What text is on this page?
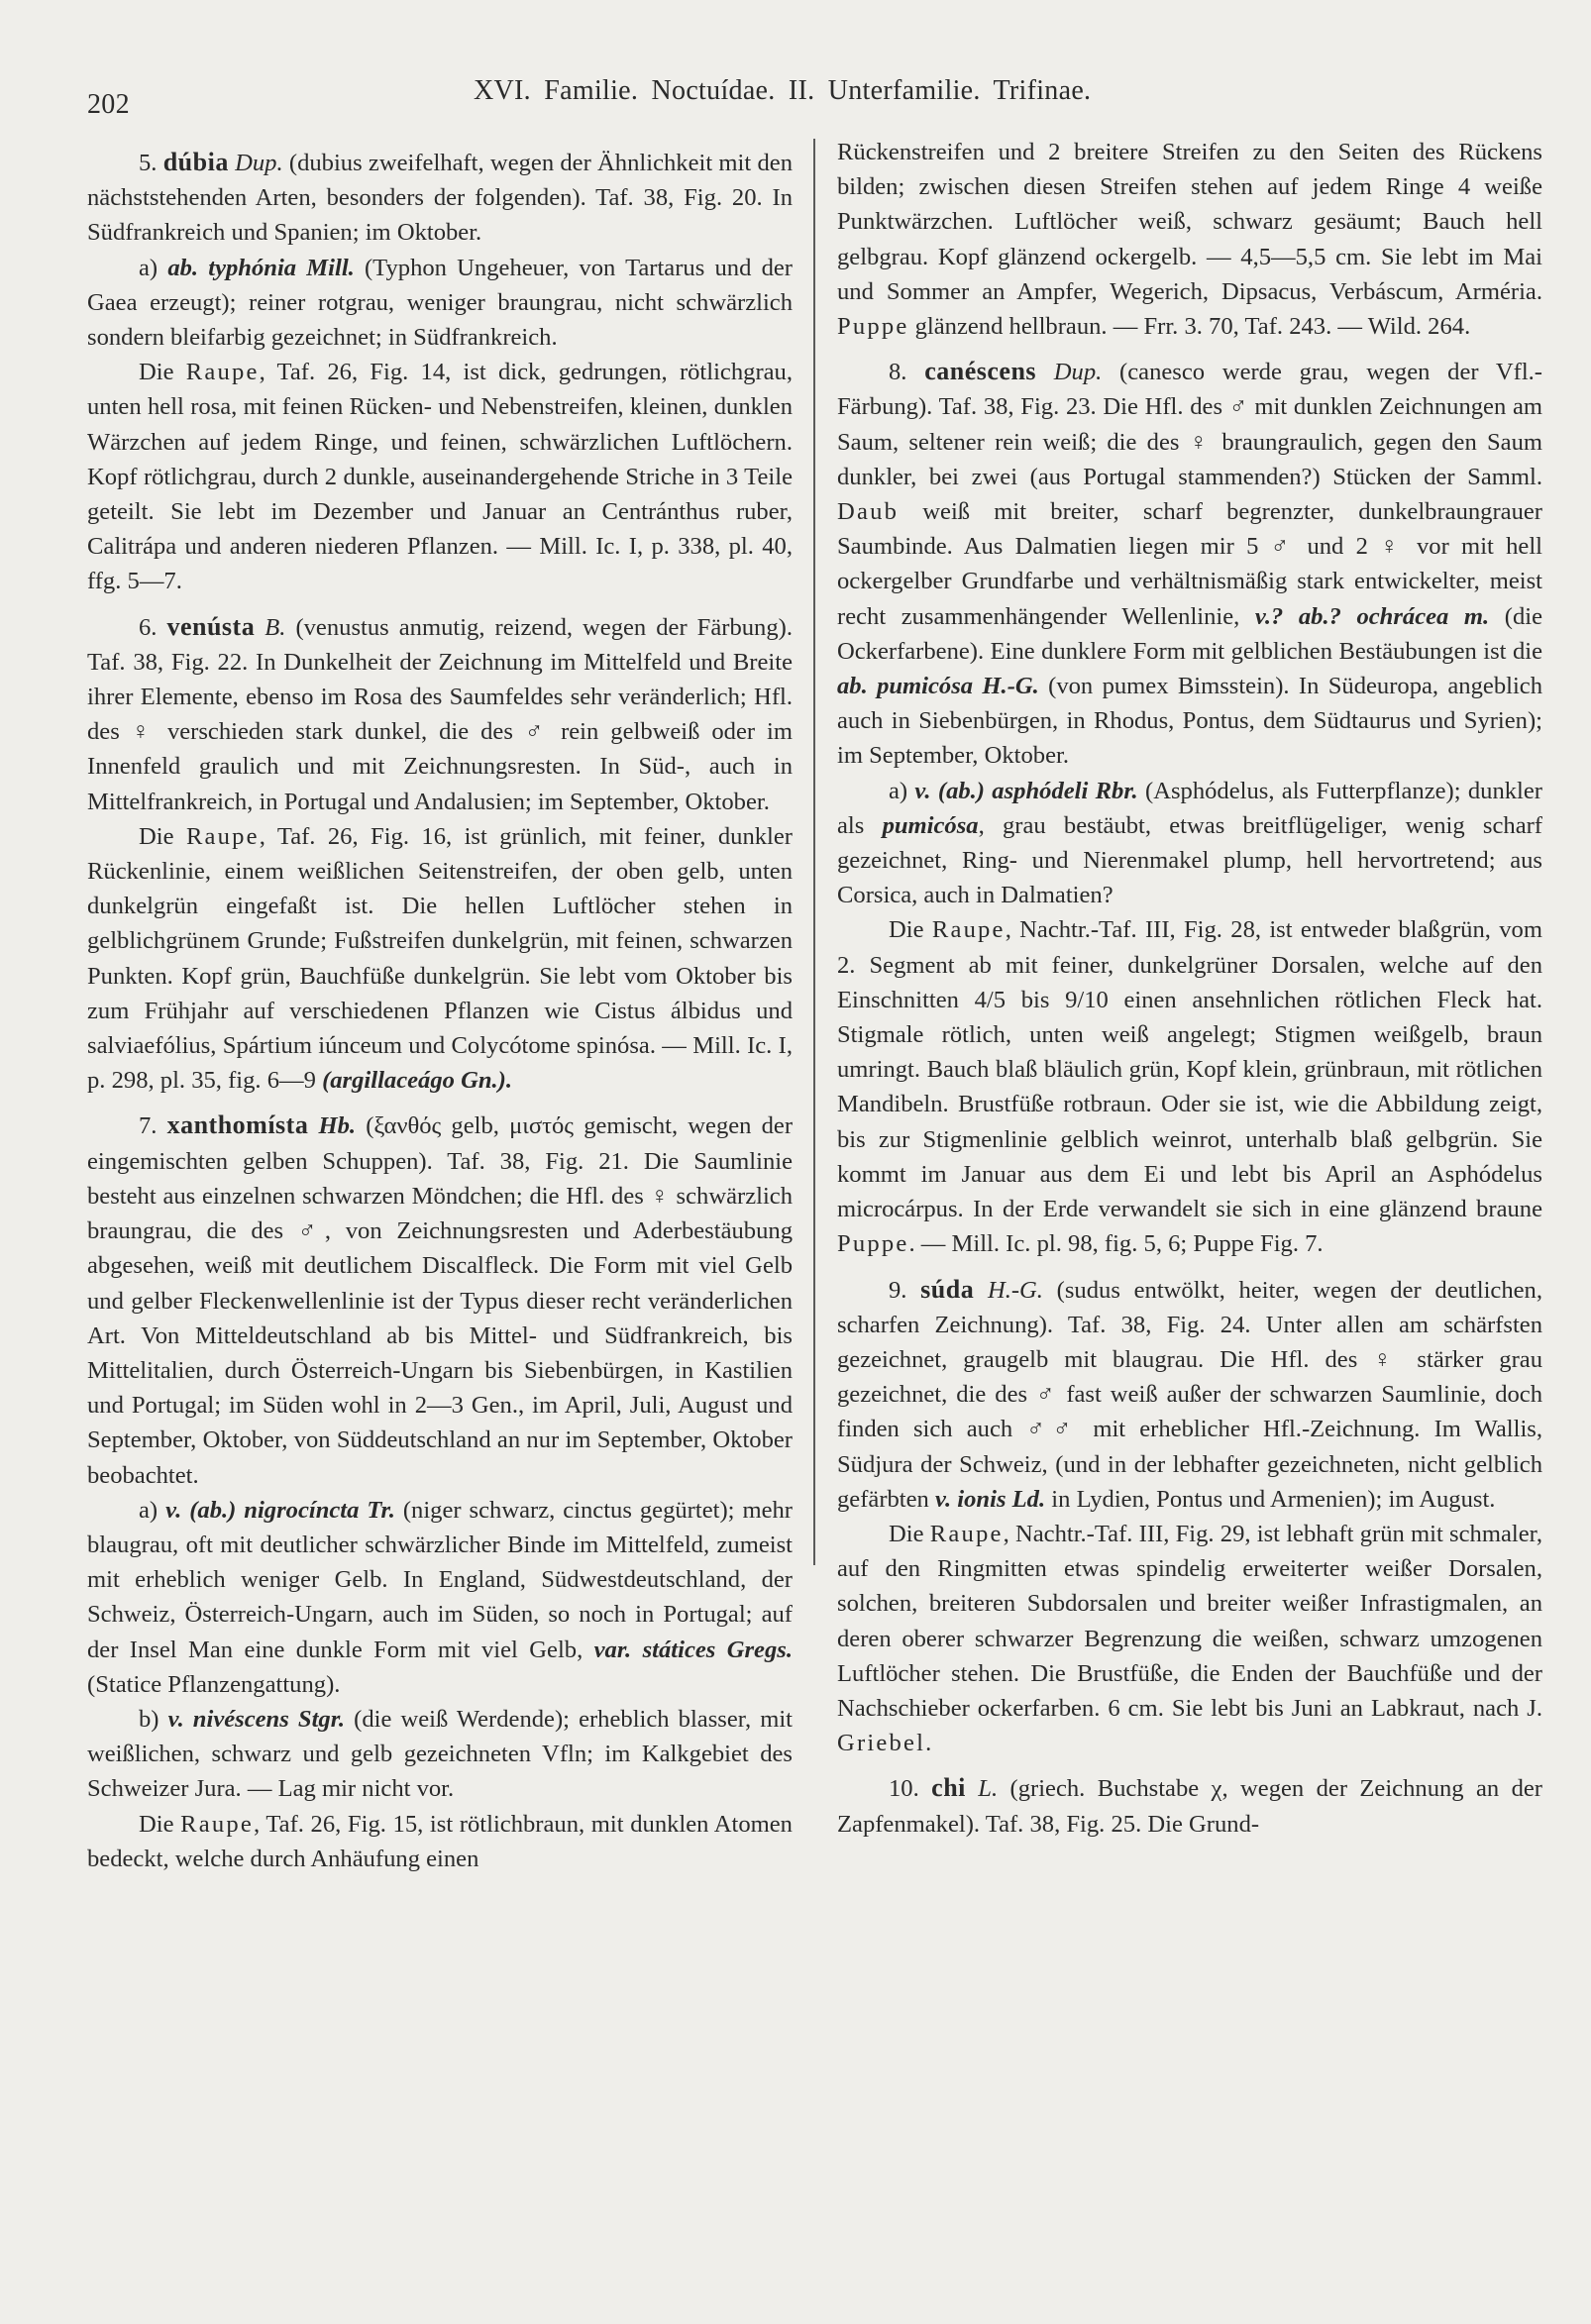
202	XVI. Familie. Noctuídae. II. Unterfamilie. Trifinae.

5. dúbia Dup. (dubius zweifelhaft, wegen der Ähnlichkeit mit den nächststehenden Arten, besonders der folgenden). Taf. 38, Fig. 20. In Südfrankreich und Spanien; im Oktober.

a) ab. typhónia Mill. (Typhon Ungeheuer, von Tartarus und der Gaea erzeugt); reiner rotgrau, weniger braungrau, nicht schwärzlich sondern bleifarbig gezeichnet; in Südfrankreich.

Die Raupe, Taf. 26, Fig. 14, ist dick, gedrungen, rötlichgrau, unten hell rosa, mit feinen Rücken- und Nebenstreifen, kleinen, dunklen Wärzchen auf jedem Ringe, und feinen, schwärzlichen Luftlöchern. Kopf rötlichgrau, durch 2 dunkle, auseinandergehende Striche in 3 Teile geteilt. Sie lebt im Dezember und Januar an Centránthus ruber, Calitrápa und anderen niederen Pflanzen. — Mill. Ic. I, p. 338, pl. 40, ffg. 5—7.

6. venústa B. (venustus anmutig, reizend, wegen der Färbung). Taf. 38, Fig. 22. In Dunkelheit der Zeichnung im Mittelfeld und Breite ihrer Elemente, ebenso im Rosa des Saumfeldes sehr veränderlich; Hfl. des ♀ verschieden stark dunkel, die des ♂ rein gelbweiß oder im Innenfeld graulich und mit Zeichnungsresten. In Süd-, auch in Mittelfrankreich, in Portugal und Andalusien; im September, Oktober.

Die Raupe, Taf. 26, Fig. 16, ist grünlich, mit feiner, dunkler Rückenlinie, einem weißlichen Seitenstreifen, der oben gelb, unten dunkelgrün eingefaßt ist. Die hellen Luftlöcher stehen in gelblichgrünem Grunde; Fußstreifen dunkelgrün, mit feinen, schwarzen Punkten. Kopf grün, Bauchfüße dunkelgrün. Sie lebt vom Oktober bis zum Frühjahr auf verschiedenen Pflanzen wie Cistus álbidus und salviaefólius, Spártium iúnceum und Colycótome spinósa. — Mill. Ic. I, p. 298, pl. 35, fig. 6—9 (argillaceágo Gn.).

7. xanthomísta Hb. (ξανθός gelb, μιστός gemischt, wegen der eingemischten gelben Schuppen). Taf. 38, Fig. 21. Die Saumlinie besteht aus einzelnen schwarzen Möndchen; die Hfl. des ♀ schwärzlich braungrau, die des ♂, von Zeichnungsresten und Aderbestäubung abgesehen, weiß mit deutlichem Discalfleck. Die Form mit viel Gelb und gelber Fleckenwellenlinie ist der Typus dieser recht veränderlichen Art. Von Mitteldeutschland ab bis Mittel- und Südfrankreich, bis Mittelitalien, durch Österreich-Ungarn bis Siebenbürgen, in Kastilien und Portugal; im Süden wohl in 2—3 Gen., im April, Juli, August und September, Oktober, von Süddeutschland an nur im September, Oktober beobachtet.

a) v. (ab.) nigrocíncta Tr. (niger schwarz, cinctus gegürtet); mehr blaugrau, oft mit deutlicher schwärzlicher Binde im Mittelfeld, zumeist mit erheblich weniger Gelb. In England, Südwestdeutschland, der Schweiz, Österreich-Ungarn, auch im Süden, so noch in Portugal; auf der Insel Man eine dunkle Form mit viel Gelb, var. státices Gregs. (Statice Pflanzengattung).

b) v. nivéscens Stgr. (die weiß Werdende); erheblich blasser, mit weißlichen, schwarz und gelb gezeichneten Vfln; im Kalkgebiet des Schweizer Jura. — Lag mir nicht vor.

Die Raupe, Taf. 26, Fig. 15, ist rötlichbraun, mit dunklen Atomen bedeckt, welche durch Anhäufung einen

Rückenstreifen und 2 breitere Streifen zu den Seiten des Rückens bilden; zwischen diesen Streifen stehen auf jedem Ringe 4 weiße Punktwärzchen. Luftlöcher weiß, schwarz gesäumt; Bauch hell gelbgrau. Kopf glänzend ockergelb. — 4,5—5,5 cm. Sie lebt im Mai und Sommer an Ampfer, Wegerich, Dipsacus, Verbáscum, Arméria. Puppe glänzend hellbraun. — Frr. 3. 70, Taf. 243. — Wild. 264.

8. canéscens Dup. (canesco werde grau, wegen der Vfl.-Färbung). Taf. 38, Fig. 23. Die Hfl. des ♂ mit dunklen Zeichnungen am Saum, seltener rein weiß; die des ♀ braungraulich, gegen den Saum dunkler, bei zwei (aus Portugal stammenden?) Stücken der Samml. Daub weiß mit breiter, scharf begrenzter, dunkelbraungrauer Saumbinde. Aus Dalmatien liegen mir 5 ♂ und 2 ♀ vor mit hell ockergelber Grundfarbe und verhältnismäßig stark entwickelter, meist recht zusammenhängender Wellenlinie, v.? ab.? ochrácea m. (die Ockerfarbene). Eine dunklere Form mit gelblichen Bestäubungen ist die ab. pumicósa H.-G. (von pumex Bimsstein). In Südeuropa, angeblich auch in Siebenbürgen, in Rhodus, Pontus, dem Südtaurus und Syrien); im September, Oktober.

a) v. (ab.) asphódeli Rbr. (Asphódelus, als Futterpflanze); dunkler als pumicósa, grau bestäubt, etwas breitflügeliger, wenig scharf gezeichnet, Ring- und Nierenmakel plump, hell hervortretend; aus Corsica, auch in Dalmatien?

Die Raupe, Nachtr.-Taf. III, Fig. 28, ist entweder blaßgrün, vom 2. Segment ab mit feiner, dunkelgrüner Dorsalen, welche auf den Einschnitten 4/5 bis 9/10 einen ansehnlichen rötlichen Fleck hat. Stigmale rötlich, unten weiß angelegt; Stigmen weißgelb, braun umringt. Bauch blaß bläulich grün, Kopf klein, grünbraun, mit rötlichen Mandibeln. Brustfüße rotbraun. Oder sie ist, wie die Abbildung zeigt, bis zur Stigmenlinie gelblich weinrot, unterhalb blaß gelbgrün. Sie kommt im Januar aus dem Ei und lebt bis April an Asphódelus microcárpus. In der Erde verwandelt sie sich in eine glänzend braune Puppe. — Mill. Ic. pl. 98, fig. 5, 6; Puppe Fig. 7.

9. súda H.-G. (sudus entwölkt, heiter, wegen der deutlichen, scharfen Zeichnung). Taf. 38, Fig. 24. Unter allen am schärfsten gezeichnet, graugelb mit blaugrau. Die Hfl. des ♀ stärker grau gezeichnet, die des ♂ fast weiß außer der schwarzen Saumlinie, doch finden sich auch ♂♂ mit erheblicher Hfl.-Zeichnung. Im Wallis, Südjura der Schweiz, (und in der lebhafter gezeichneten, nicht gelblich gefärbten v. ionis Ld. in Lydien, Pontus und Armenien); im August.

Die Raupe, Nachtr.-Taf. III, Fig. 29, ist lebhaft grün mit schmaler, auf den Ringmitten etwas spindelig erweiterter weißer Dorsalen, solchen, breiteren Subdorsalen und breiter weißer Infrastigmalen, an deren oberer schwarzer Begrenzung die weißen, schwarz umzogenen Luftlöcher stehen. Die Brustfüße, die Enden der Bauchfüße und der Nachschieber ockerfarben. 6 cm. Sie lebt bis Juni an Labkraut, nach J. Griebel.

10. chi L. (griech. Buchstabe χ, wegen der Zeichnung an der Zapfenmakel). Taf. 38, Fig. 25. Die Grund-
